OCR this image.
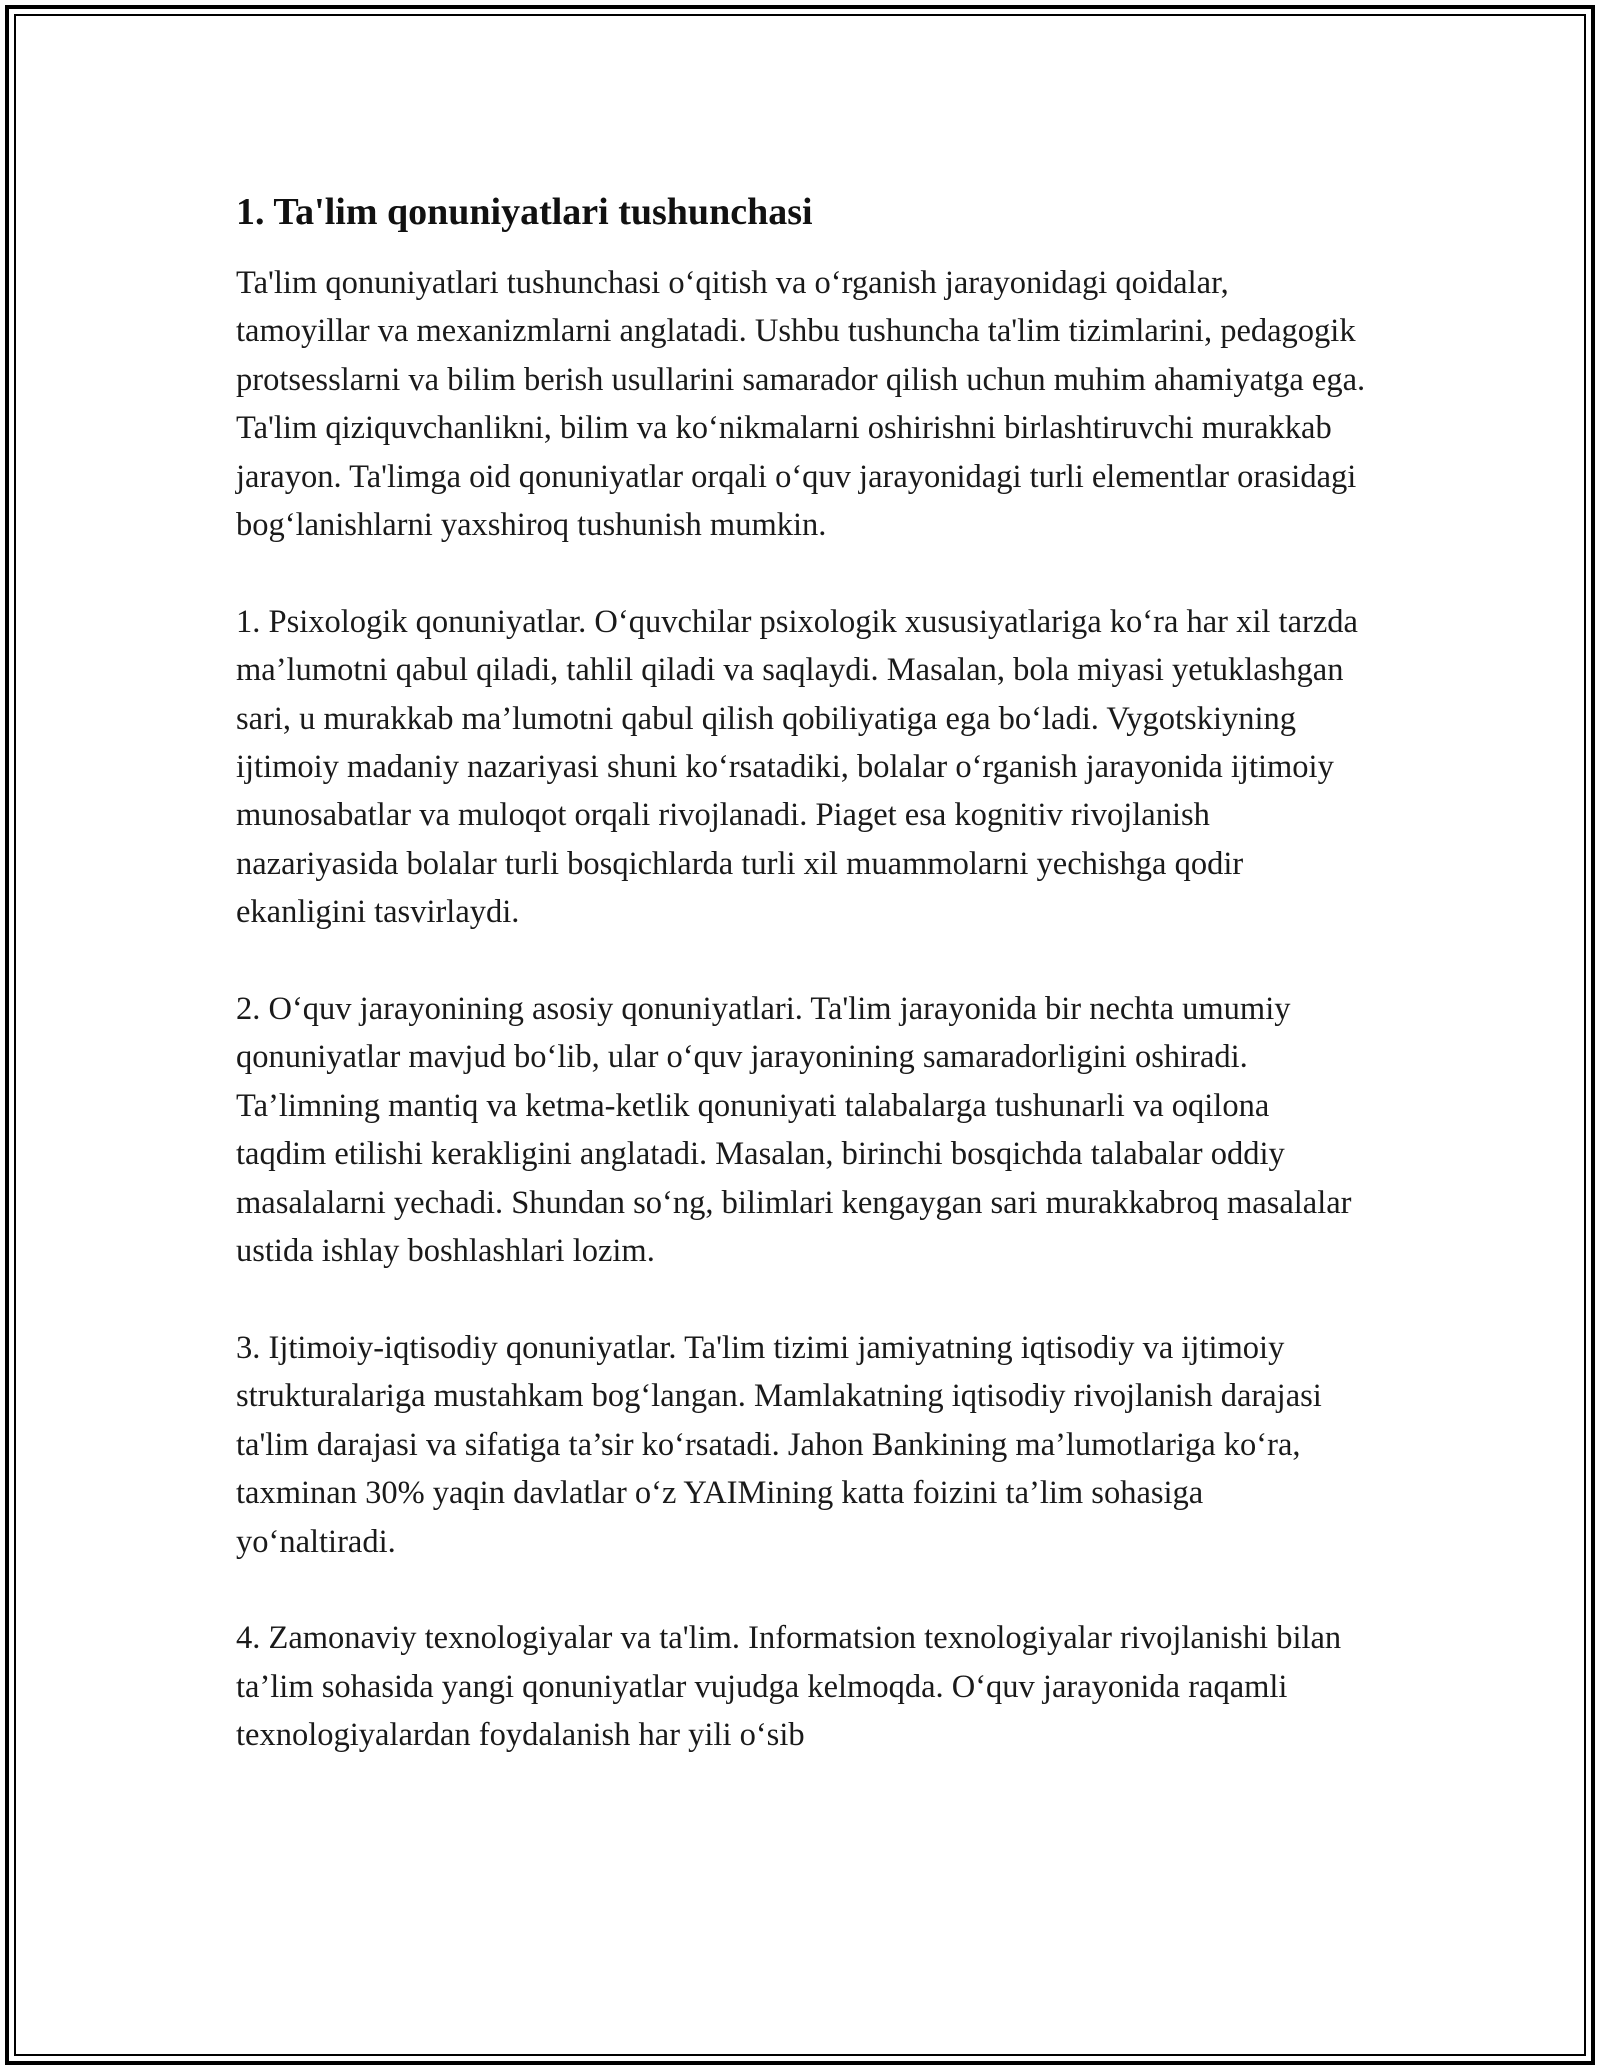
1. Ta'lim qonuniyatlari tushunchasi

Ta'lim qonuniyatlari tushunchasi o‘qitish va o‘rganish jarayonidagi qoidalar, tamoyillar va mexanizmlarni anglatadi. Ushbu tushuncha ta'lim tizimlarini, pedagogik protsesslarni va bilim berish usullarini samarador qilish uchun muhim ahamiyatga ega. Ta'lim qiziquvchanlikni, bilim va ko‘nikmalarni oshirishni birlashtiruvchi murakkab jarayon. Ta'limga oid qonuniyatlar orqali o‘quv jarayonidagi turli elementlar orasidagi bog‘lanishlarni yaxshiroq tushunish mumkin.

1. Psixologik qonuniyatlar. O‘quvchilar psixologik xususiyatlariga ko‘ra har xil tarzda ma’lumotni qabul qiladi, tahlil qiladi va saqlaydi. Masalan, bola miyasi yetuklashgan sari, u murakkab ma’lumotni qabul qilish qobiliyatiga ega bo‘ladi. Vygotskiyning ijtimoiy madaniy nazariyasi shuni ko‘rsatadiki, bolalar o‘rganish jarayonida ijtimoiy munosabatlar va muloqot orqali rivojlanadi. Piaget esa kognitiv rivojlanish nazariyasida bolalar turli bosqichlarda turli xil muammolarni yechishga qodir ekanligini tasvirlaydi.

2. O‘quv jarayonining asosiy qonuniyatlari. Ta'lim jarayonida bir nechta umumiy qonuniyatlar mavjud bo‘lib, ular o‘quv jarayonining samaradorligini oshiradi. Ta’limning mantiq va ketma-ketlik qonuniyati talabalarga tushunarli va oqilona taqdim etilishi kerakligini anglatadi. Masalan, birinchi bosqichda talabalar oddiy masalalarni yechadi. Shundan so‘ng, bilimlari kengaygan sari murakkabroq masalalar ustida ishlay boshlashlari lozim.

3. Ijtimoiy-iqtisodiy qonuniyatlar. Ta'lim tizimi jamiyatning iqtisodiy va ijtimoiy strukturalariga mustahkam bog‘langan. Mamlakatning iqtisodiy rivojlanish darajasi ta'lim darajasi va sifatiga ta’sir ko‘rsatadi. Jahon Bankining ma’lumotlariga ko‘ra, taxminan 30% yaqin davlatlar o‘z YAIMining katta foizini ta’lim sohasiga yo‘naltiradi.

4. Zamonaviy texnologiyalar va ta'lim. Informatsion texnologiyalar rivojlanishi bilan ta’lim sohasida yangi qonuniyatlar vujudga kelmoqda. O‘quv jarayonida raqamli texnologiyalardan foydalanish har yili o‘sib
